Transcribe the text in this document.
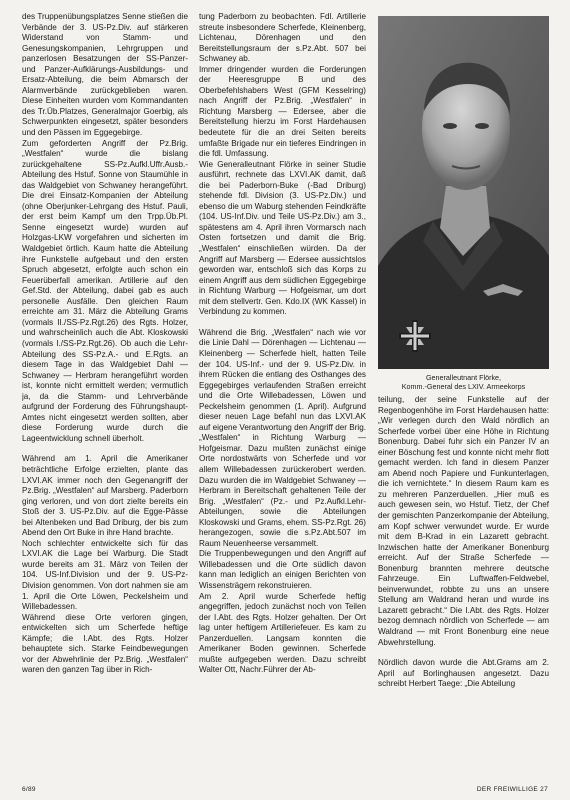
des Truppenübungsplatzes Senne stießen die Verbände der 3. US-Pz.Div. auf stärkeren Widerstand von Stamm- und Genesungskompanien, Lehrgruppen und panzerlosen Besatzungen der SS-Panzer- und Panzer-Aufklärungs-Ausbildungs- und Ersatz-Abteilung, die beim Abmarsch der Alarmverbände zurückgeblieben waren. Diese Einheiten wurden vom Kommandanten des Tr.Üb.Platzes, Generalmajor Goerbig, als Schwerpunkten eingesetzt, später besonders und den Pässen im Eggegebirge.

Zum geforderten Angriff der Pz.Brig. „Westfalen“ wurde die bislang zurückgehaltene SS-Pz.Aufkl.Uffr.Ausb.-Abteilung des Hstuf. Sonne von Staumühle in das Waldgebiet von Schwaney herangeführt. Die drei Einsatz-Kompanien der Abteilung (ohne Oberjunker-Lehrgang des Hstuf. Pauli, der erst beim Kampf um den Trpp.Üb.Pl. Senne eingesetzt wurde) wurden auf Holzgas-LKW vorgefahren und sicherten im Waldgebiet örtlich. Kaum hatte die Abteilung ihre Funkstelle aufgebaut und den ersten Spruch abgesetzt, erfolgte auch schon ein Feuerüberfall amerikan. Artillerie auf den Gef.Std. der Abteilung, dabei gab es auch personelle Ausfälle. Den gleichen Raum erreichte am 31. März die Abteilung Grams (vormals II./SS-Pz.Rgt.26) des Rgts. Holzer, und wahrscheinlich auch die Abt. Kloskowski (vormals I./SS-Pz.Rgt.26). Ob auch die Lehr-Abteilung des SS-Pz.A.- und E.Rgts. an diesem Tage in das Waldgebiet Dahl — Schwaney — Herbram herangeführt worden ist, konnte nicht ermittelt werden; vermutlich ja, da die Stamm- und Lehrverbände aufgrund der Forderung des Führungshaupt-Amtes nicht eingesetzt werden sollten, aber diese Forderung wurde durch die Lageentwicklung schnell überholt.

Während am 1. April die Amerikaner beträchtliche Erfolge erzielten, plante das LXVI.AK immer noch den Gegenangriff der Pz.Brig. „Westfalen“ auf Marsberg. Paderborn ging verloren, und von dort zielte bereits ein Stoß der 3. US-Pz.Div. auf die Egge-Pässe bei Altenbeken und Bad Driburg, der bis zum Abend den Ort Buke in ihre Hand brachte.

Noch schlechter entwickelte sich für das LXVI.AK die Lage bei Warburg. Die Stadt wurde bereits am 31. März von Teilen der 104. US-Inf.Division und der 9. US-Pz-Division genommen. Von dort nahmen sie am 1. April die Orte Löwen, Peckelsheim und Willebadessen.

Während diese Orte verloren gingen, entwickelten sich um Scherfede heftige Kämpfe; die I.Abt. des Rgts. Holzer behauptete sich. Starke Feindbewegungen vor der Abwehrlinie der Pz.Brig. „Westfalen“ waren den ganzen Tag über in Rich-

tung Paderborn zu beobachten. Fdl. Artillerie streute insbesondere Scherfede, Kleinenberg, Lichtenau, Dörenhagen und den Bereitstellungsraum der s.Pz.Abt. 507 bei Schwaney ab.

Immer dringender wurden die Forderungen der Heeresgruppe B und des Oberbefehlshabers West (GFM Kesselring) nach Angriff der Pz.Brig. „Westfalen“ in Richtung Marsberg — Edersee, aber die Bereitstellung hierzu im Forst Hardehausen bedeutete für die an drei Seiten bereits umfaßte Brigade nur ein tieferes Eindringen in die fdl. Umfassung.

Wie Generalleutnant Flörke in seiner Studie ausführt, rechnete das LXVI.AK damit, daß die bei Paderborn-Buke (-Bad Driburg) stehende fdl. Division (3. US-Pz.Div.) und ebenso die um Waburg stehenden Feindkräfte (104. US-Inf.Div. und Teile US-Pz.Div.) am 3., spätestens am 4. April ihren Vormarsch nach Osten fortsetzen und damit die Brig. „Westfalen“ einschließen würden. Da der Angriff auf Marsberg — Edersee aussichtslos geworden war, entschloß sich das Korps zu einem Angriff aus dem südlichen Eggegebirge in Richtung Warburg — Hofgeismar, um dort mit dem stellvertr. Gen. Kdo.IX (WK Kassel) in Verbindung zu kommen.

Während die Brig. „Westfalen“ nach wie vor die Linie Dahl — Dörenhagen — Lichtenau — Kleinenberg — Scherfede hielt, hatten Teile der 104. US-Inf.- und der 9. US-Pz.Div. in ihrem Rücken die entlang des Osthanges des Eggegebirges verlaufenden Straßen erreicht und die Orte Willebadessen, Löwen und Peckelsheim genommen (1. April). Aufgrund dieser neuen Lage befahl nun das LXVI.AK auf eigene Verantwortung den Angriff der Brig. „Westfalen“ in Richtung Warburg — Hofgeismar. Dazu mußten zunächst einige Orte nordostwärts von Scherfede und vor allem Willebadessen zurückerobert werden. Dazu wurden die im Waldgebiet Schwaney — Herbram in Bereitschaft gehaltenen Teile der Brig. „Westfalen“ (Pz.- und Pz.Aufkl.Lehr-Abteilungen, sowie die Abteilungen Kloskowski und Grams, ehem. SS-Pz.Rgt. 26) herangezogen, sowie die s.Pz.Abt.507 im Raum Neuenheerse versammelt.

Die Truppenbewegungen und den Angriff auf Willebadessen und die Orte südlich davon kann man lediglich an einigen Berichten von Wissensträgern rekonstruieren.

Am 2. April wurde Scherfede heftig angegriffen, jedoch zunächst noch von Teilen der I.Abt. des Rgts. Holzer gehalten. Der Ort lag unter heftigem Artilleriefeuer. Es kam zu Panzerduellen. Langsam konnten die Amerikaner Boden gewinnen. Scherfede mußte aufgegeben werden. Dazu schreibt Walter Ott, Nachr.Führer der Ab-

Generalleutnant Flörke,
Komm.-General des LXIV. Armeekorps

teilung, der seine Funkstelle auf der Regenbogenhöhe im Forst Hardehausen hatte: „Wir verlegen durch den Wald nördlich an Scherfede vorbei über eine Höhe in Richtung Bonenburg. Dabei fuhr sich ein Panzer IV an einer Böschung fest und konnte nicht mehr flott gemacht werden. Ich fand in diesem Panzer am Abend noch Papiere und Funkunterlagen, die ich vernichtete.“ In diesem Raum kam es zu mehreren Panzerduellen. „Hier muß es auch gewesen sein, wo Hstuf. Tietz, der Chef der gemischten Panzerkompanie der Abteilung, am Kopf schwer verwundet wurde. Er wurde mit dem B-Krad in ein Lazarett gebracht. Inzwischen hatte der Amerikaner Bonenburg erreicht. Auf der Straße Scherfede — Bonenburg brannten mehrere deutsche Fahrzeuge. Ein Luftwaffen-Feldwebel, beinverwundet, robbte zu uns an unsere Stellung am Waldrand heran und wurde ins Lazarett gebracht.“ Die I.Abt. des Rgts. Holzer bezog demnach nördlich von Scherfede — am Waldrand — mit Front Bonenburg eine neue Abwehrstellung.

Nördlich davon wurde die Abt.Grams am 2. April auf Borlinghausen angesetzt. Dazu schreibt Herbert Taege: „Die Abteilung

6/89	DER FREIWILLIGE 27
